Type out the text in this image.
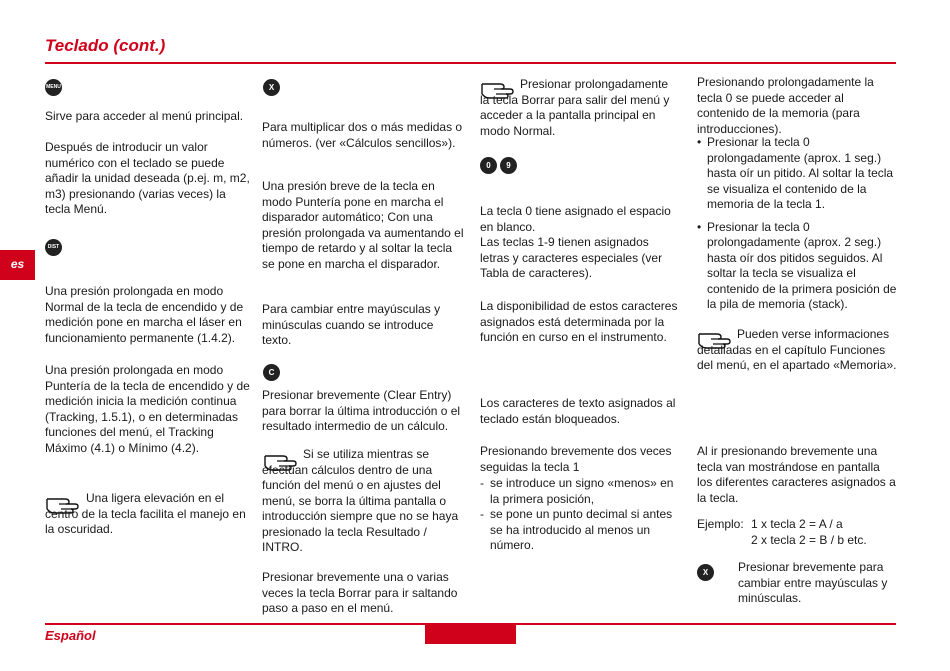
Teclado (cont.)
es
MENU

Sirve para acceder al menú principal.

Después de introducir un valor numérico con el teclado se puede añadir la unidad deseada (p.ej. m, m2, m3) presionando (varias veces) la tecla Menú.

DIST

Una presión prolongada en modo Normal de la tecla de encendido y de medición pone en marcha el láser en funcionamiento permanente (1.4.2).

Una presión prolongada en modo Puntería de la tecla de encendido y de medición inicia la medición continua (Tracking, 1.5.1), o en determinadas funciones del menú, el Tracking Máximo (4.1) o Mínimo (4.2).

Una ligera elevación en el centro de la tecla facilita el manejo en la oscuridad.

X

Para multiplicar dos o más medidas o números. (ver «Cálculos sencillos»).

Una presión breve de la tecla en modo Puntería pone en marcha el disparador automático; Con una presión prolongada va aumentando el tiempo de retardo y al soltar la tecla se pone en marcha el disparador.

Para cambiar entre mayúsculas y minúsculas cuando se introduce texto.

C

Presionar brevemente (Clear Entry) para borrar la última introducción o el resultado intermedio de un cálculo.

Si se utiliza mientras se efectúan cálculos dentro de una función del menú o en ajustes del menú, se borra la última pantalla o introducción siempre que no se haya presionado la tecla Resultado / INTRO.

Presionar brevemente una o varias veces la tecla Borrar para ir saltando paso a paso en el menú.

Presionar prolongadamente la tecla Borrar para salir del menú y acceder a la pantalla principal en modo Normal.

0	9

La tecla 0 tiene asignado el espacio en blanco.

Las teclas 1-9 tienen asignados letras y caracteres especiales (ver Tabla de caracteres).

La disponibilidad de estos caracteres asignados está determinada por la función en curso en el instrumento.

Los caracteres de texto asignados al teclado están bloqueados.

Presionando brevemente dos veces seguidas la tecla 1

- se introduce un signo «menos» en la primera posición,
- se pone un punto decimal si antes se ha introducido al menos un número.

Presionando prolongadamente la tecla 0 se puede acceder al contenido de la memoria (para introducciones).

• Presionar la tecla 0 prolongadamente (aprox. 1 seg.) hasta oír un pitido. Al soltar la tecla se visualiza el contenido de la memoria de la tecla 1.
• Presionar la tecla 0 prolongadamente (aprox. 2 seg.) hasta oír dos pitidos seguidos. Al soltar la tecla se visualiza el contenido de la primera posición de la pila de memoria (stack).

Pueden verse informaciones detalladas en el capítulo Funciones del menú, en el apartado «Memoria».

Al ir presionando brevemente una tecla van mostrándose en pantalla los diferentes caracteres asignados a la tecla.

Ejemplo: 1 x tecla 2 = A / a
2 x tecla 2 = B / b etc.
X	Presionar brevemente para cambiar entre mayúsculas y minúsculas.

Español
